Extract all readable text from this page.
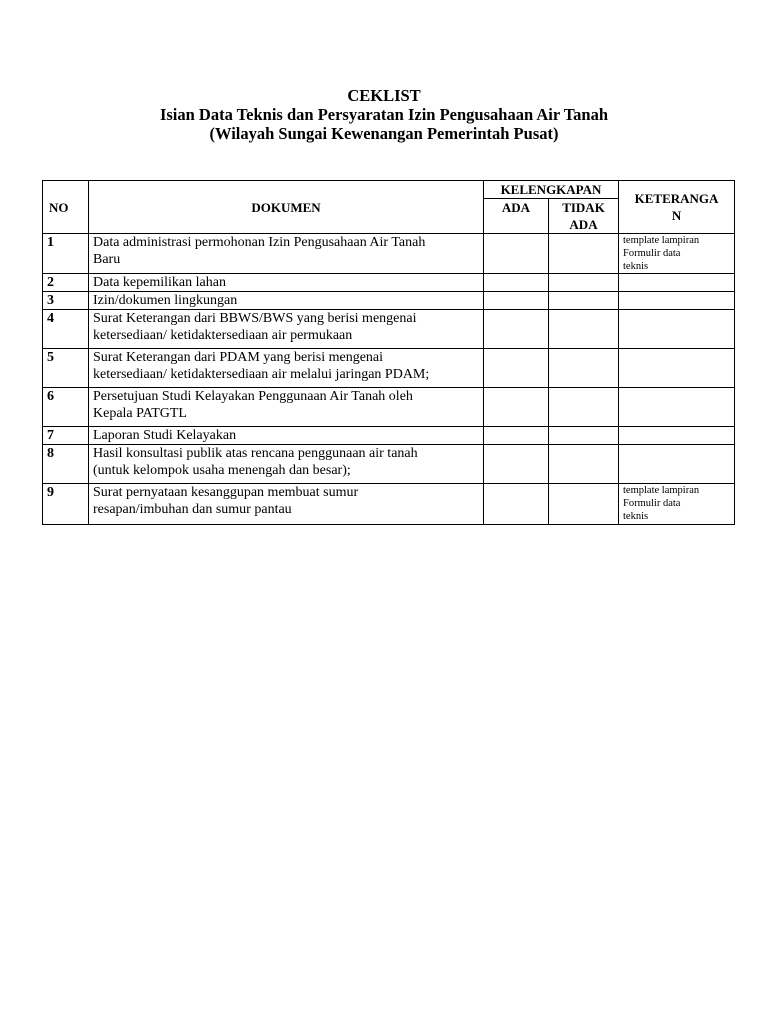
CEKLIST
Isian Data Teknis dan Persyaratan Izin Pengusahaan Air Tanah
(Wilayah Sungai Kewenangan Pemerintah Pusat)
NO	DOKUMEN	KELENGKAPAN		KETERANGA
N
		ADA	TIDAK
ADA	
1	Data administrasi permohonan Izin Pengusahaan Air Tanah
Baru			template lampiran
Formulir data
teknis
2	Data kepemilikan lahan			
3	Izin/dokumen lingkungan			
4	Surat Keterangan dari BBWS/BWS yang berisi mengenai
ketersediaan/ ketidaktersediaan air permukaan			
5	Surat Keterangan dari PDAM yang berisi mengenai
ketersediaan/ ketidaktersediaan air melalui jaringan PDAM;			
6	Persetujuan Studi Kelayakan Penggunaan Air Tanah oleh
Kepala PATGTL			
7	Laporan Studi Kelayakan			
8	Hasil konsultasi publik atas rencana penggunaan air tanah
(untuk kelompok usaha menengah dan besar);			
9	Surat pernyataan kesanggupan membuat sumur
resapan/imbuhan dan sumur pantau			template lampiran
Formulir data
teknis
